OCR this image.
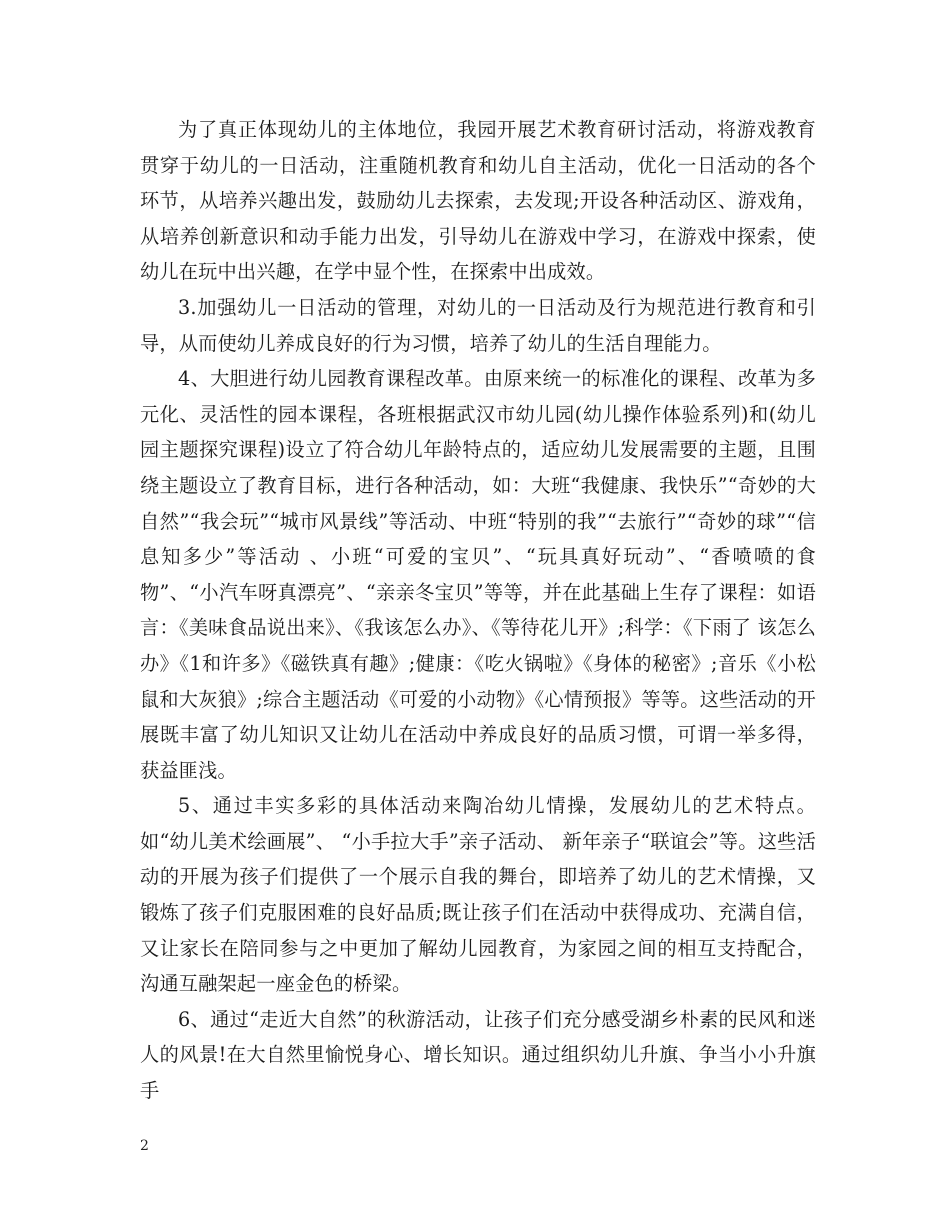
为了真正体现幼儿的主体地位，我园开展艺术教育研讨活动，将游戏教育贯穿于幼儿的一日活动，注重随机教育和幼儿自主活动，优化一日活动的各个环节，从培养兴趣出发，鼓励幼儿去探索，去发现;开设各种活动区、游戏角，从培养创新意识和动手能力出发，引导幼儿在游戏中学习，在游戏中探索，使幼儿在玩中出兴趣，在学中显个性，在探索中出成效。

3.加强幼儿一日活动的管理，对幼儿的一日活动及行为规范进行教育和引导，从而使幼儿养成良好的行为习惯，培养了幼儿的生活自理能力。

4、大胆进行幼儿园教育课程改革。由原来统一的标准化的课程、改革为多元化、灵活性的园本课程，各班根据武汉市幼儿园(幼儿操作体验系列)和(幼儿园主题探究课程)设立了符合幼儿年龄特点的，适应幼儿发展需要的主题，且围绕主题设立了教育目标，进行各种活动，如：大班“我健康、我快乐”“奇妙的大自然”“我会玩”“城市风景线”等活动、中班“特别的我”“去旅行”“奇妙的球”“信息知多少”等活动 、小班“可爱的宝贝”、“玩具真好玩动”、“香喷喷的食物”、“小汽车呀真漂亮”、“亲亲冬宝贝”等等，并在此基础上生存了课程：如语言：《美味食品说出来》、《我该怎么办》、《等待花儿开》;科学：《下雨了 该怎么办》《1和许多》《磁铁真有趣》;健康：《吃火锅啦》《身体的秘密》;音乐《小松鼠和大灰狼》;综合主题活动《可爱的小动物》《心情预报》等等。这些活动的开展既丰富了幼儿知识又让幼儿在活动中养成良好的品质习惯，可谓一举多得，获益匪浅。

5、通过丰实多彩的具体活动来陶冶幼儿情操，发展幼儿的艺术特点。如“幼儿美术绘画展”、 “小手拉大手”亲子活动、 新年亲子“联谊会”等。这些活动的开展为孩子们提供了一个展示自我的舞台，即培养了幼儿的艺术情操，又锻炼了孩子们克服困难的良好品质;既让孩子们在活动中获得成功、充满自信，又让家长在陪同参与之中更加了解幼儿园教育，为家园之间的相互支持配合，沟通互融架起一座金色的桥梁。

6、通过“走近大自然”的秋游活动，让孩子们充分感受湖乡朴素的民风和迷人的风景!在大自然里愉悦身心、增长知识。通过组织幼儿升旗、争当小小升旗手

2
